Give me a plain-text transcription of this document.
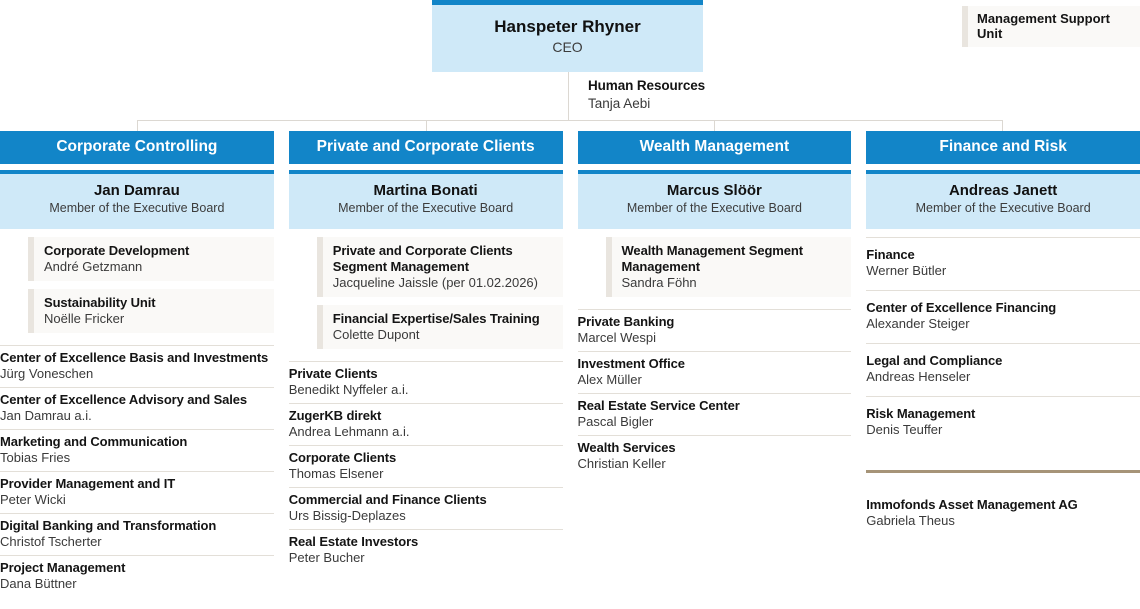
Hanspeter Rhyner
CEO
Management Support Unit
Human Resources
Tanja Aebi
Corporate Controlling
Jan Damrau
Member of the Executive Board
Corporate Development
André Getzmann
Sustainability Unit
Noëlle Fricker
Center of Excellence Basis and Investments
Jürg Voneschen
Center of Excellence Advisory and Sales
Jan Damrau a.i.
Marketing and Communication
Tobias Fries
Provider Management and IT
Peter Wicki
Digital Banking and Transformation
Christof Tscherter
Project Management
Dana Büttner
Private and Corporate Clients
Martina Bonati
Member of the Executive Board
Private and Corporate Clients Segment Management
Jacqueline Jaissle (per 01.02.2026)
Financial Expertise/Sales Training
Colette Dupont
Private Clients
Benedikt Nyffeler a.i.
ZugerKB direkt
Andrea Lehmann a.i.
Corporate Clients
Thomas Elsener
Commercial and Finance Clients
Urs Bissig-Deplazes
Real Estate Investors
Peter Bucher
Wealth Management
Marcus Slöör
Member of the Executive Board
Wealth Management Segment Management
Sandra Föhn
Private Banking
Marcel Wespi
Investment Office
Alex Müller
Real Estate Service Center
Pascal Bigler
Wealth Services
Christian Keller
Finance and Risk
Andreas Janett
Member of the Executive Board
Finance
Werner Bütler
Center of Excellence Financing
Alexander Steiger
Legal and Compliance
Andreas Henseler
Risk Management
Denis Teuffer
Immofonds Asset Management AG
Gabriela Theus
